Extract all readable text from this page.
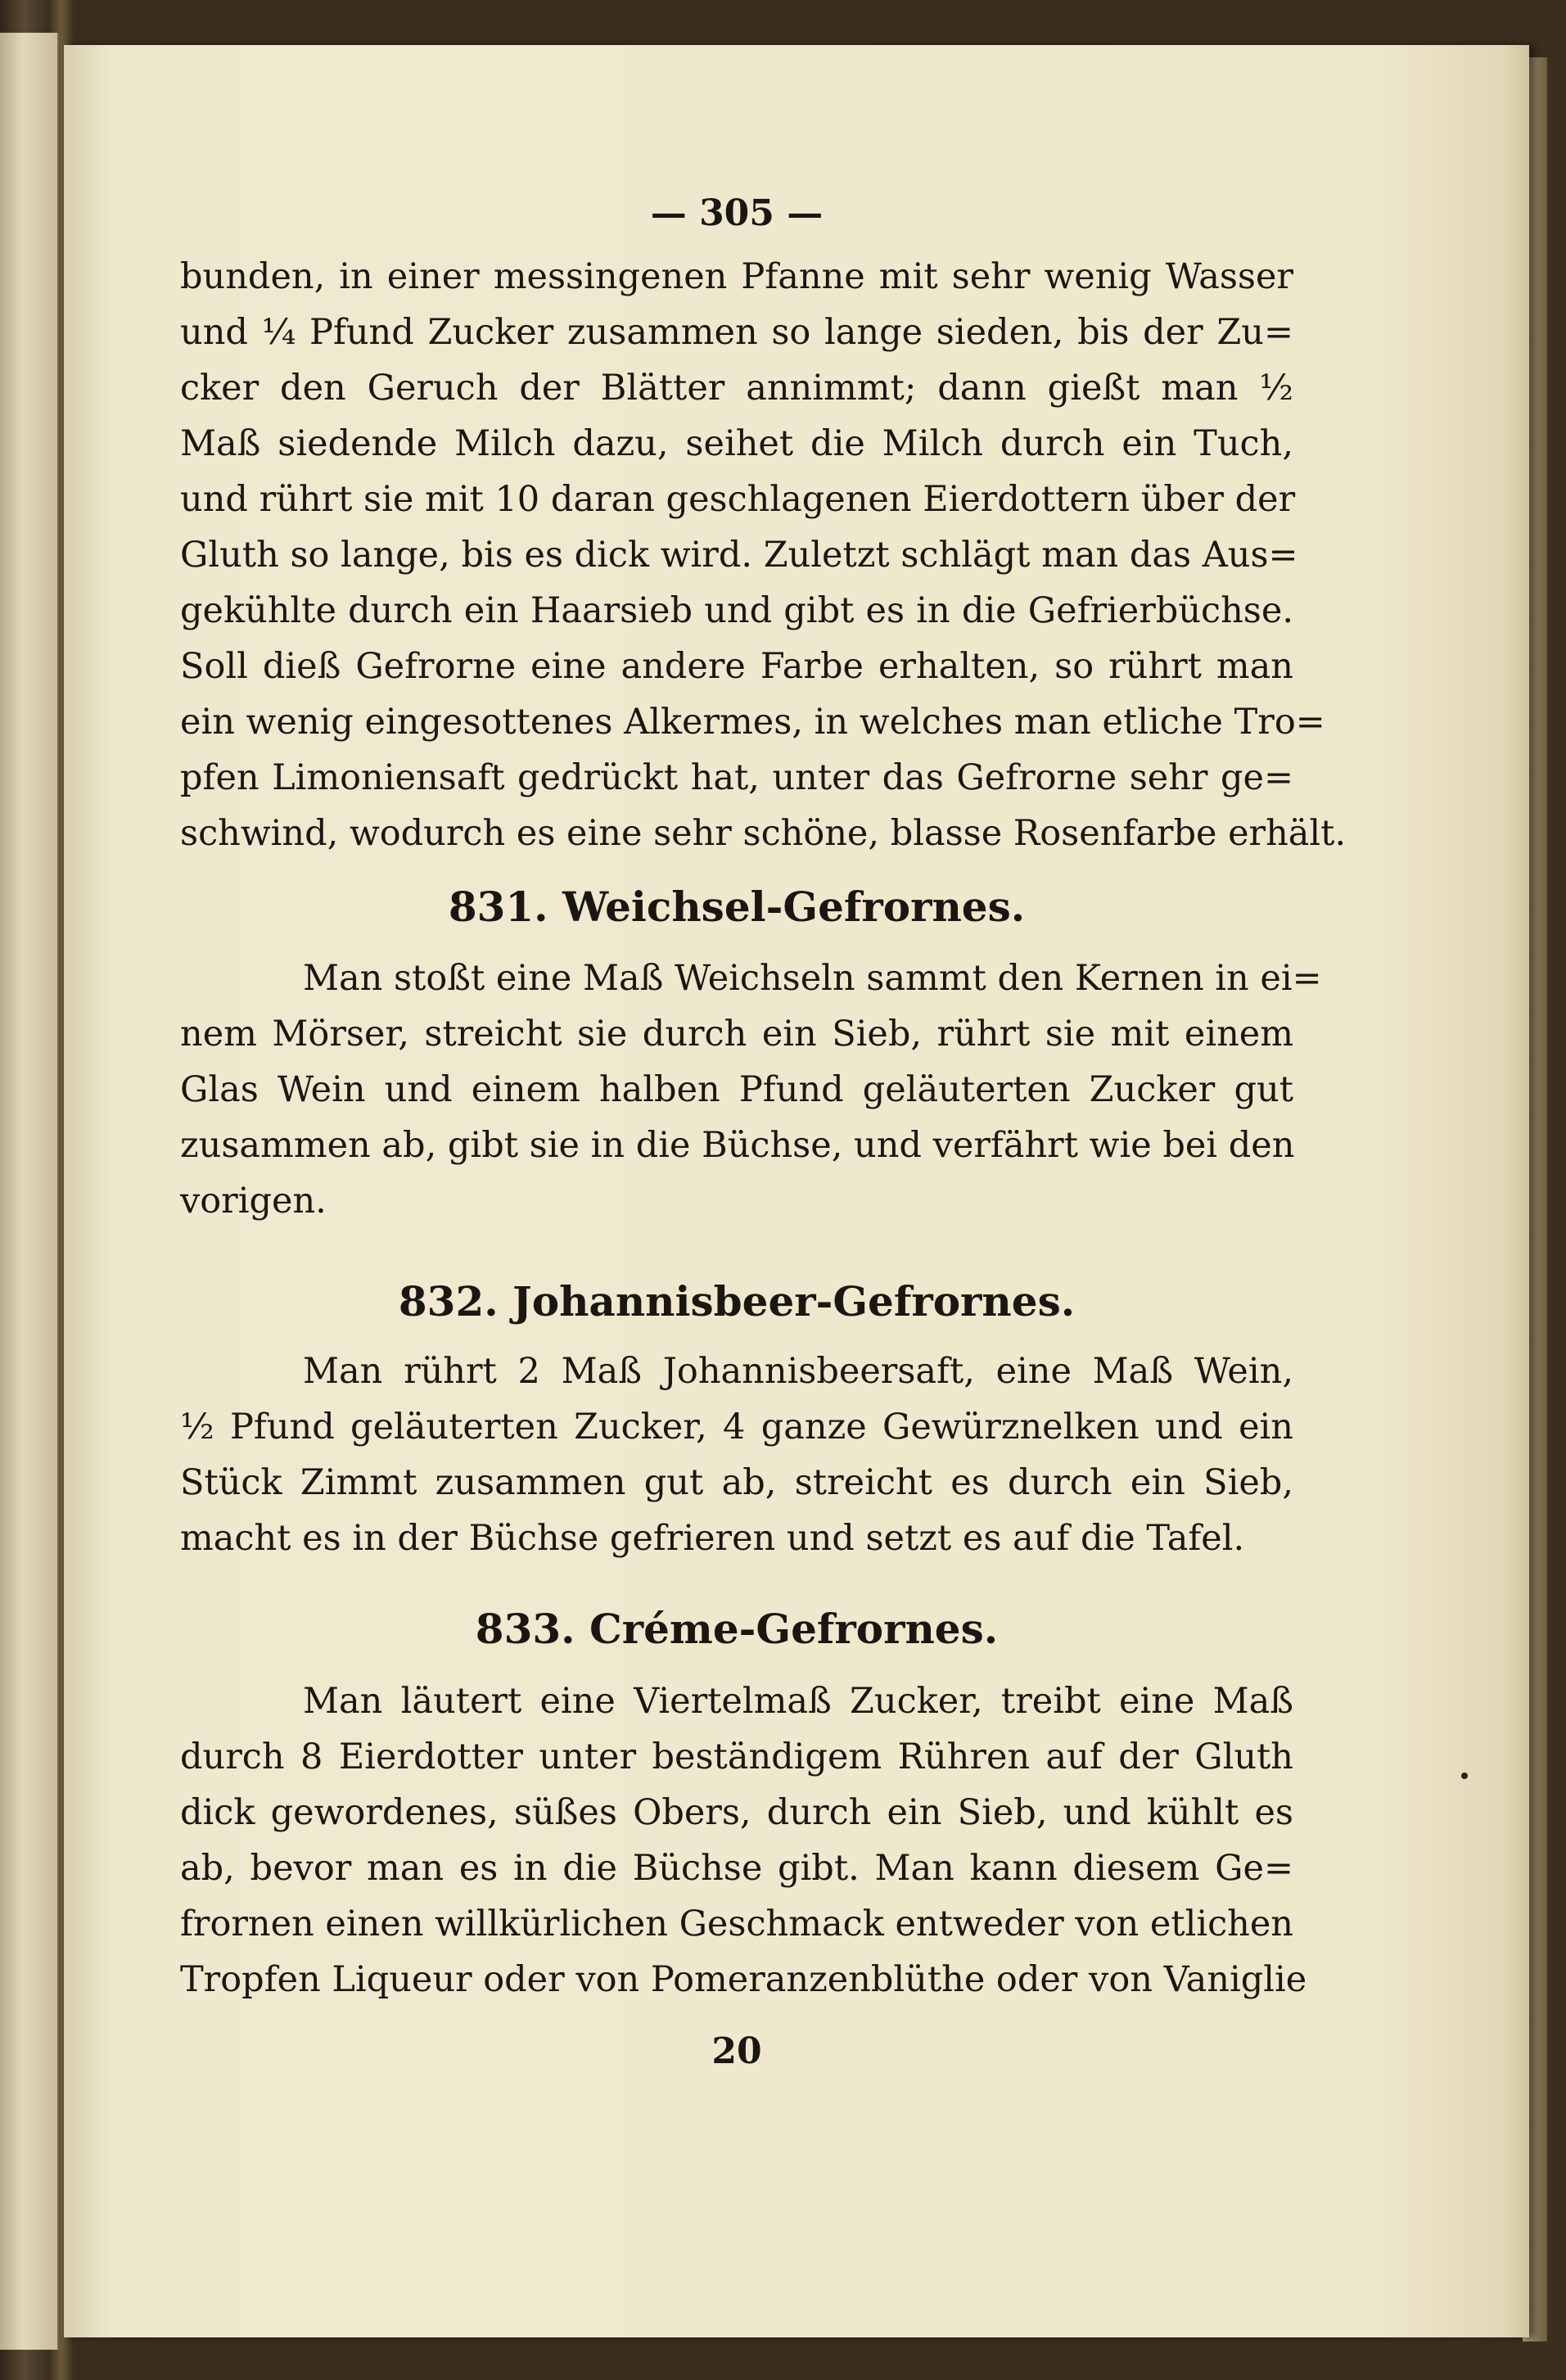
— 305 —
bunden, in einer messingenen Pfanne mit sehr wenig Wasser
und ¼ Pfund Zucker zusammen so lange sieden, bis der Zu=
cker den Geruch der Blätter annimmt; dann gießt man ½
Maß siedende Milch dazu, seihet die Milch durch ein Tuch,
und rührt sie mit 10 daran geschlagenen Eierdottern über der
Gluth so lange, bis es dick wird. Zuletzt schlägt man das Aus=
gekühlte durch ein Haarsieb und gibt es in die Gefrierbüchse.
Soll dieß Gefrorne eine andere Farbe erhalten, so rührt man
ein wenig eingesottenes Alkermes, in welches man etliche Tro=
pfen Limoniensaft gedrückt hat, unter das Gefrorne sehr ge=
schwind, wodurch es eine sehr schöne, blasse Rosenfarbe erhält.
831. Weichsel-Gefrornes.
Man stoßt eine Maß Weichseln sammt den Kernen in ei=
nem Mörser, streicht sie durch ein Sieb, rührt sie mit einem
Glas Wein und einem halben Pfund geläuterten Zucker gut
zusammen ab, gibt sie in die Büchse, und verfährt wie bei den
vorigen.
832. Johannisbeer-Gefrornes.
Man rührt 2 Maß Johannisbeersaft, eine Maß Wein,
½ Pfund geläuterten Zucker, 4 ganze Gewürznelken und ein
Stück Zimmt zusammen gut ab, streicht es durch ein Sieb,
macht es in der Büchse gefrieren und setzt es auf die Tafel.
833. Créme-Gefrornes.
Man läutert eine Viertelmaß Zucker, treibt eine Maß
durch 8 Eierdotter unter beständigem Rühren auf der Gluth
dick gewordenes, süßes Obers, durch ein Sieb, und kühlt es
ab, bevor man es in die Büchse gibt. Man kann diesem Ge=
frornen einen willkürlichen Geschmack entweder von etlichen
Tropfen Liqueur oder von Pomeranzenblüthe oder von Vaniglie
20
